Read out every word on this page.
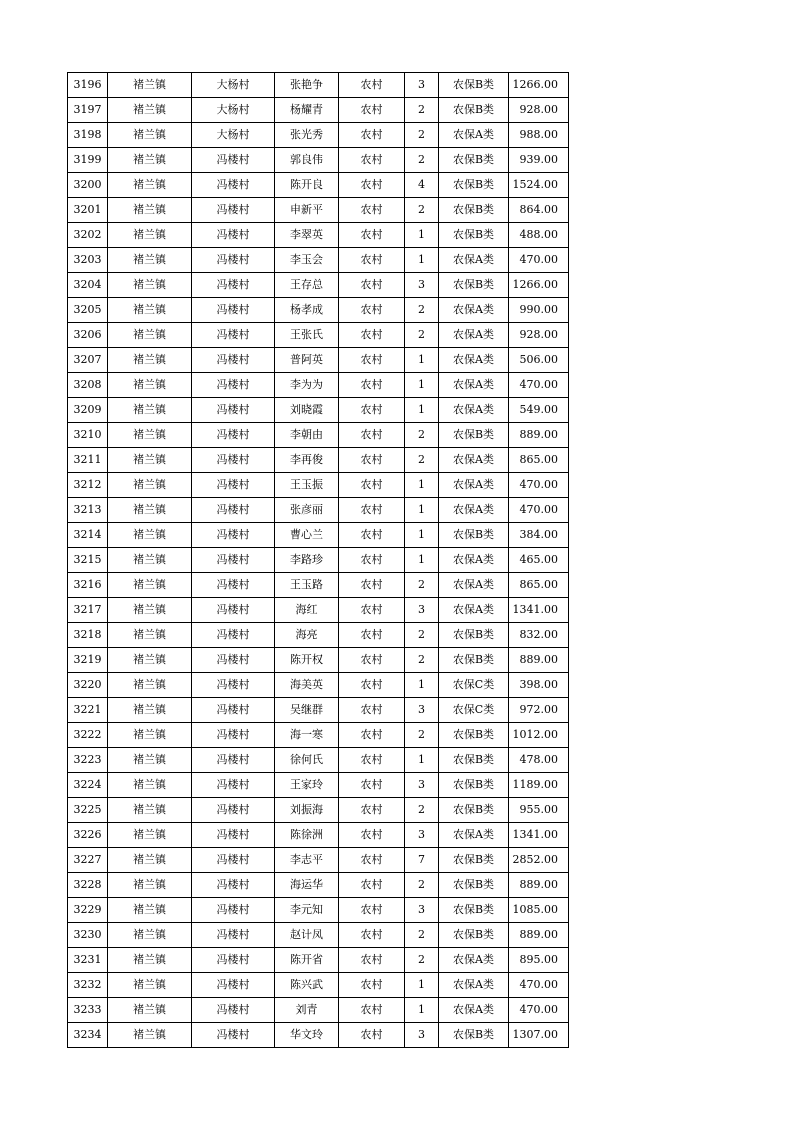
3196	褚兰镇	大杨村	张艳争	农村	3	农保B类	1266.00
3197	褚兰镇	大杨村	杨耀青	农村	2	农保B类	928.00
3198	褚兰镇	大杨村	张光秀	农村	2	农保A类	988.00
3199	褚兰镇	冯楼村	郭良伟	农村	2	农保B类	939.00
3200	褚兰镇	冯楼村	陈开良	农村	4	农保B类	1524.00
3201	褚兰镇	冯楼村	申新平	农村	2	农保B类	864.00
3202	褚兰镇	冯楼村	李翠英	农村	1	农保B类	488.00
3203	褚兰镇	冯楼村	李玉会	农村	1	农保A类	470.00
3204	褚兰镇	冯楼村	王存总	农村	3	农保B类	1266.00
3205	褚兰镇	冯楼村	杨孝成	农村	2	农保A类	990.00
3206	褚兰镇	冯楼村	王张氏	农村	2	农保A类	928.00
3207	褚兰镇	冯楼村	普阿英	农村	1	农保A类	506.00
3208	褚兰镇	冯楼村	李为为	农村	1	农保A类	470.00
3209	褚兰镇	冯楼村	刘晓霞	农村	1	农保A类	549.00
3210	褚兰镇	冯楼村	李朝由	农村	2	农保B类	889.00
3211	褚兰镇	冯楼村	李再俊	农村	2	农保A类	865.00
3212	褚兰镇	冯楼村	王玉振	农村	1	农保A类	470.00
3213	褚兰镇	冯楼村	张彦丽	农村	1	农保A类	470.00
3214	褚兰镇	冯楼村	曹心兰	农村	1	农保B类	384.00
3215	褚兰镇	冯楼村	李路珍	农村	1	农保A类	465.00
3216	褚兰镇	冯楼村	王玉路	农村	2	农保A类	865.00
3217	褚兰镇	冯楼村	海红	农村	3	农保A类	1341.00
3218	褚兰镇	冯楼村	海亮	农村	2	农保B类	832.00
3219	褚兰镇	冯楼村	陈开权	农村	2	农保B类	889.00
3220	褚兰镇	冯楼村	海美英	农村	1	农保C类	398.00
3221	褚兰镇	冯楼村	吴继群	农村	3	农保C类	972.00
3222	褚兰镇	冯楼村	海一寒	农村	2	农保B类	1012.00
3223	褚兰镇	冯楼村	徐何氏	农村	1	农保B类	478.00
3224	褚兰镇	冯楼村	王家玲	农村	3	农保B类	1189.00
3225	褚兰镇	冯楼村	刘振海	农村	2	农保B类	955.00
3226	褚兰镇	冯楼村	陈徐洲	农村	3	农保A类	1341.00
3227	褚兰镇	冯楼村	李志平	农村	7	农保B类	2852.00
3228	褚兰镇	冯楼村	海运华	农村	2	农保B类	889.00
3229	褚兰镇	冯楼村	李元知	农村	3	农保B类	1085.00
3230	褚兰镇	冯楼村	赵计凤	农村	2	农保B类	889.00
3231	褚兰镇	冯楼村	陈开省	农村	2	农保A类	895.00
3232	褚兰镇	冯楼村	陈兴武	农村	1	农保A类	470.00
3233	褚兰镇	冯楼村	刘青	农村	1	农保A类	470.00
3234	褚兰镇	冯楼村	华文玲	农村	3	农保B类	1307.00
